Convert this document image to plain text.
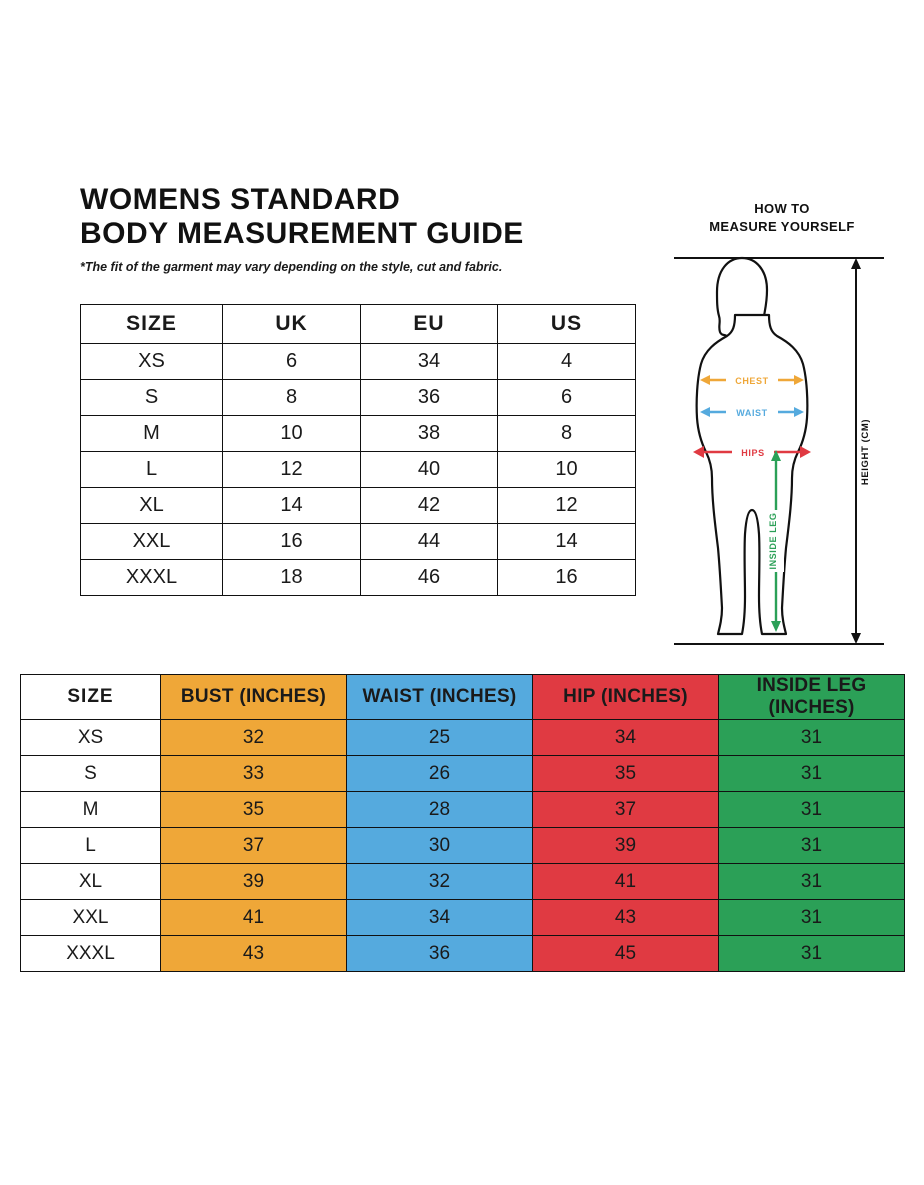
WOMENS STANDARD
BODY MEASUREMENT GUIDE
*The fit of the garment may vary depending on the style, cut and fabric.
SIZE	UK	EU	US
XS	6	34	4
S	8	36	6
M	10	38	8
L	12	40	10
XL	14	42	12
XXL	16	44	14
XXXL	18	46	16
HOW TO
MEASURE YOURSELF
HEIGHT (CM)
CHEST
WAIST
HIPS
INSIDE LEG
SIZE	BUST (INCHES)	WAIST (INCHES)	HIP (INCHES)	INSIDE LEG (INCHES)
XS	32	25	34	31
S	33	26	35	31
M	35	28	37	31
L	37	30	39	31
XL	39	32	41	31
XXL	41	34	43	31
XXXL	43	36	45	31
